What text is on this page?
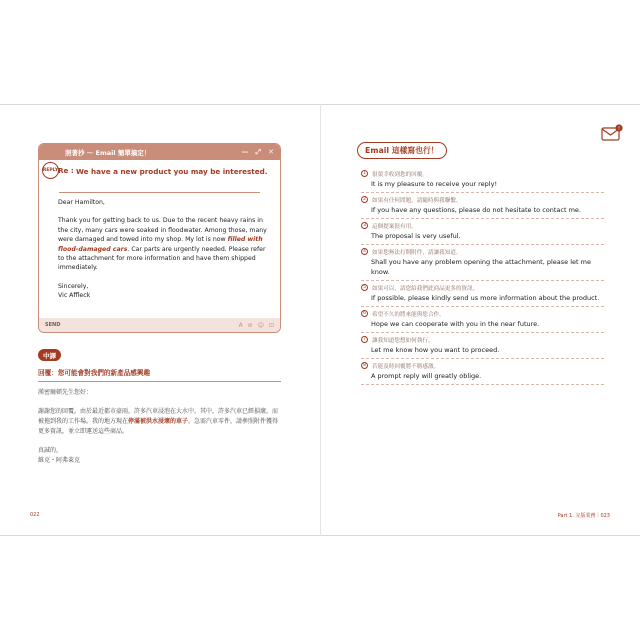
照著抄 ～ Email 簡單搞定！	— ⤢ ✕
REPLY Re : We have a new product you may be interested.

Dear Hamilton,

Thank you for getting back to us. Due to the recent heavy rains in the city, many cars were soaked in floodwater. Among those, many were damaged and towed into my shop. My lot is now filled with flood-damaged cars. Car parts are urgently needed. Please refer to the attachment for more information and have them shipped immediately.

Sincerely,
Vic Affleck
SEND	A ⊘ ☺ ⊡
中譯
回覆：您可能會對我們的新產品感興趣

漢密爾頓先生您好：

謝謝您的回覆。由於最近都市豪雨，許多汽車浸泡在大水中。其中，許多汽車已經損壞，而被拖到我的工作場。我的地方現在停滿被洪水浸壞的車子。急需汽車零件，請參照附件獲得更多資訊，並立即運送這些商品。

真誠的，
維克・阿弗萊克
022
!
Email 這樣寫也行！
1	很榮幸收到您的回覆。
It is my pleasure to receive your reply!
2	如果有任何問題，請隨時與我聯繫。
If you have any questions, please do not hesitate to contact me.
3	這個提案很有用。
The proposal is very useful.
4	如果您無法打開附件，請讓我知道。
Shall you have any problem opening the attachment, please let me know.
5	如果可以，請您給我們此商品更多的資訊。
If possible, please kindly send us more information about the product.
6	希望不久的將來能與您合作。
Hope we can cooperate with you in the near future.
7	讓我知道您想如何執行。
Let me know how you want to proceed.
8	若能及時回覆將不勝感激。
A prompt reply will greatly oblige.
Part 1. 完版業務｜023
